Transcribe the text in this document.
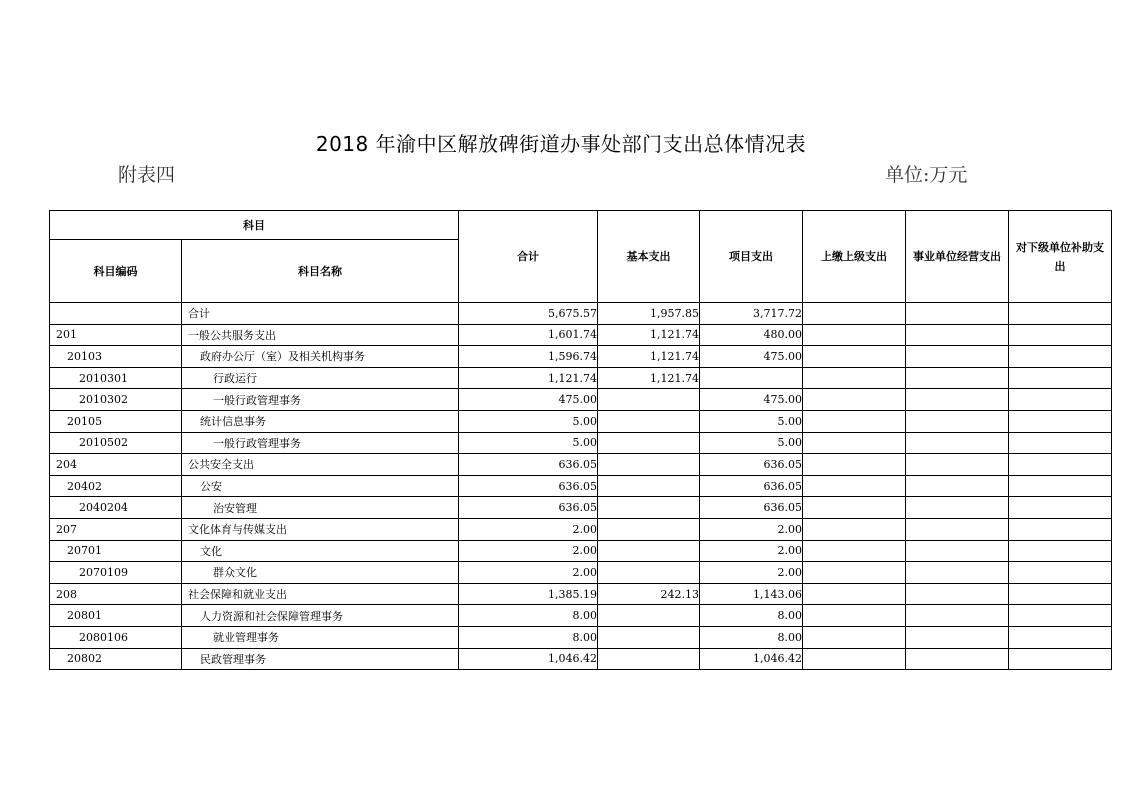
2018 年渝中区解放碑街道办事处部门支出总体情况表
附表四	单位:万元
科目		合计	基本支出	项目支出	上缴上级支出	事业单位经营支出	对下级单位补助支出
科目编码	科目名称						
	合计	5,675.57	1,957.85	3,717.72			
201	一般公共服务支出	1,601.74	1,121.74	480.00			
20103	政府办公厅（室）及相关机构事务	1,596.74	1,121.74	475.00			
2010301	行政运行	1,121.74	1,121.74				
2010302	一般行政管理事务	475.00		475.00			
20105	统计信息事务	5.00		5.00			
2010502	一般行政管理事务	5.00		5.00			
204	公共安全支出	636.05		636.05			
20402	公安	636.05		636.05			
2040204	治安管理	636.05		636.05			
207	文化体育与传媒支出	2.00		2.00			
20701	文化	2.00		2.00			
2070109	群众文化	2.00		2.00			
208	社会保障和就业支出	1,385.19	242.13	1,143.06			
20801	人力资源和社会保障管理事务	8.00		8.00			
2080106	就业管理事务	8.00		8.00			
20802	民政管理事务	1,046.42		1,046.42			
